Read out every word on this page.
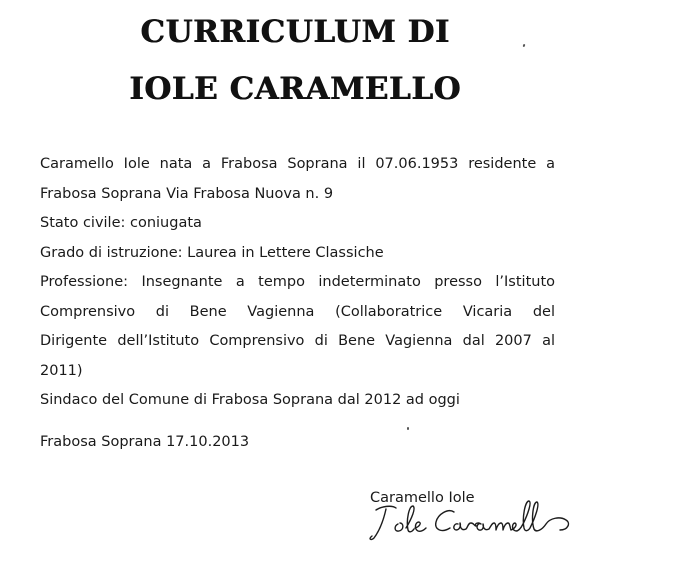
CURRICULUM DI
IOLE CARAMELLO
Caramello Iole nata a Frabosa Soprana il 07.06.1953 residente a
Frabosa Soprana Via Frabosa Nuova n. 9
Stato civile: coniugata
Grado di istruzione: Laurea in Lettere Classiche
Professione: Insegnante a tempo indeterminato presso l’Istituto
Comprensivo di Bene Vagienna (Collaboratrice Vicaria del
Dirigente dell’Istituto Comprensivo di Bene Vagienna dal 2007 al
2011)
Sindaco del Comune di Frabosa Soprana dal 2012 ad oggi
Frabosa Soprana 17.10.2013
Caramello Iole
